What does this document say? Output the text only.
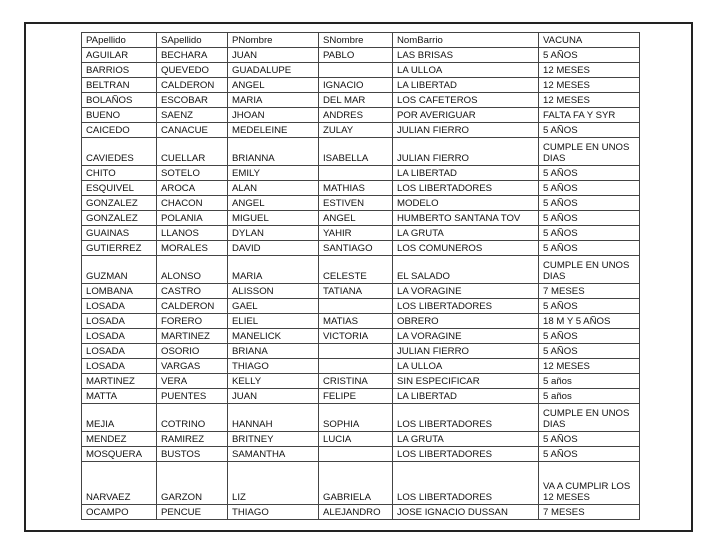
PApellido	SApellido	PNombre	SNombre	NomBarrio	VACUNA
AGUILAR	BECHARA	JUAN	PABLO	LAS BRISAS	5 AÑOS
BARRIOS	QUEVEDO	GUADALUPE		LA ULLOA	12 MESES
BELTRAN	CALDERON	ANGEL	IGNACIO	LA LIBERTAD	12 MESES
BOLAÑOS	ESCOBAR	MARIA	DEL MAR	LOS CAFETEROS	12 MESES
BUENO	SAENZ	JHOAN	ANDRES	POR AVERIGUAR	FALTA FA Y SYR
CAICEDO	CANACUE	MEDELEINE	ZULAY	JULIAN FIERRO	5 AÑOS
CAVIEDES	CUELLAR	BRIANNA	ISABELLA	JULIAN FIERRO	CUMPLE EN UNOS DIAS
CHITO	SOTELO	EMILY		LA LIBERTAD	5 AÑOS
ESQUIVEL	AROCA	ALAN	MATHIAS	LOS LIBERTADORES	5 AÑOS
GONZALEZ	CHACON	ANGEL	ESTIVEN	MODELO	5 AÑOS
GONZALEZ	POLANIA	MIGUEL	ANGEL	HUMBERTO SANTANA TOV	5 AÑOS
GUAINAS	LLANOS	DYLAN	YAHIR	LA GRUTA	5 AÑOS
GUTIERREZ	MORALES	DAVID	SANTIAGO	LOS COMUNEROS	5 AÑOS
GUZMAN	ALONSO	MARIA	CELESTE	EL SALADO	CUMPLE EN UNOS DIAS
LOMBANA	CASTRO	ALISSON	TATIANA	LA VORAGINE	7 MESES
LOSADA	CALDERON	GAEL		LOS LIBERTADORES	5 AÑOS
LOSADA	FORERO	ELIEL	MATIAS	OBRERO	18 M Y 5 AÑOS
LOSADA	MARTINEZ	MANELICK	VICTORIA	LA VORAGINE	5 AÑOS
LOSADA	OSORIO	BRIANA		JULIAN FIERRO	5 AÑOS
LOSADA	VARGAS	THIAGO		LA ULLOA	12 MESES
MARTINEZ	VERA	KELLY	CRISTINA	SIN ESPECIFICAR	5 años
MATTA	PUENTES	JUAN	FELIPE	LA LIBERTAD	5 años
MEJIA	COTRINO	HANNAH	SOPHIA	LOS LIBERTADORES	CUMPLE EN UNOS DIAS
MENDEZ	RAMIREZ	BRITNEY	LUCIA	LA GRUTA	5 AÑOS
MOSQUERA	BUSTOS	SAMANTHA		LOS LIBERTADORES	5 AÑOS
NARVAEZ	GARZON	LIZ	GABRIELA	LOS LIBERTADORES	VA A CUMPLIR LOS 12 MESES
OCAMPO	PENCUE	THIAGO	ALEJANDRO	JOSE IGNACIO DUSSAN	7 MESES
